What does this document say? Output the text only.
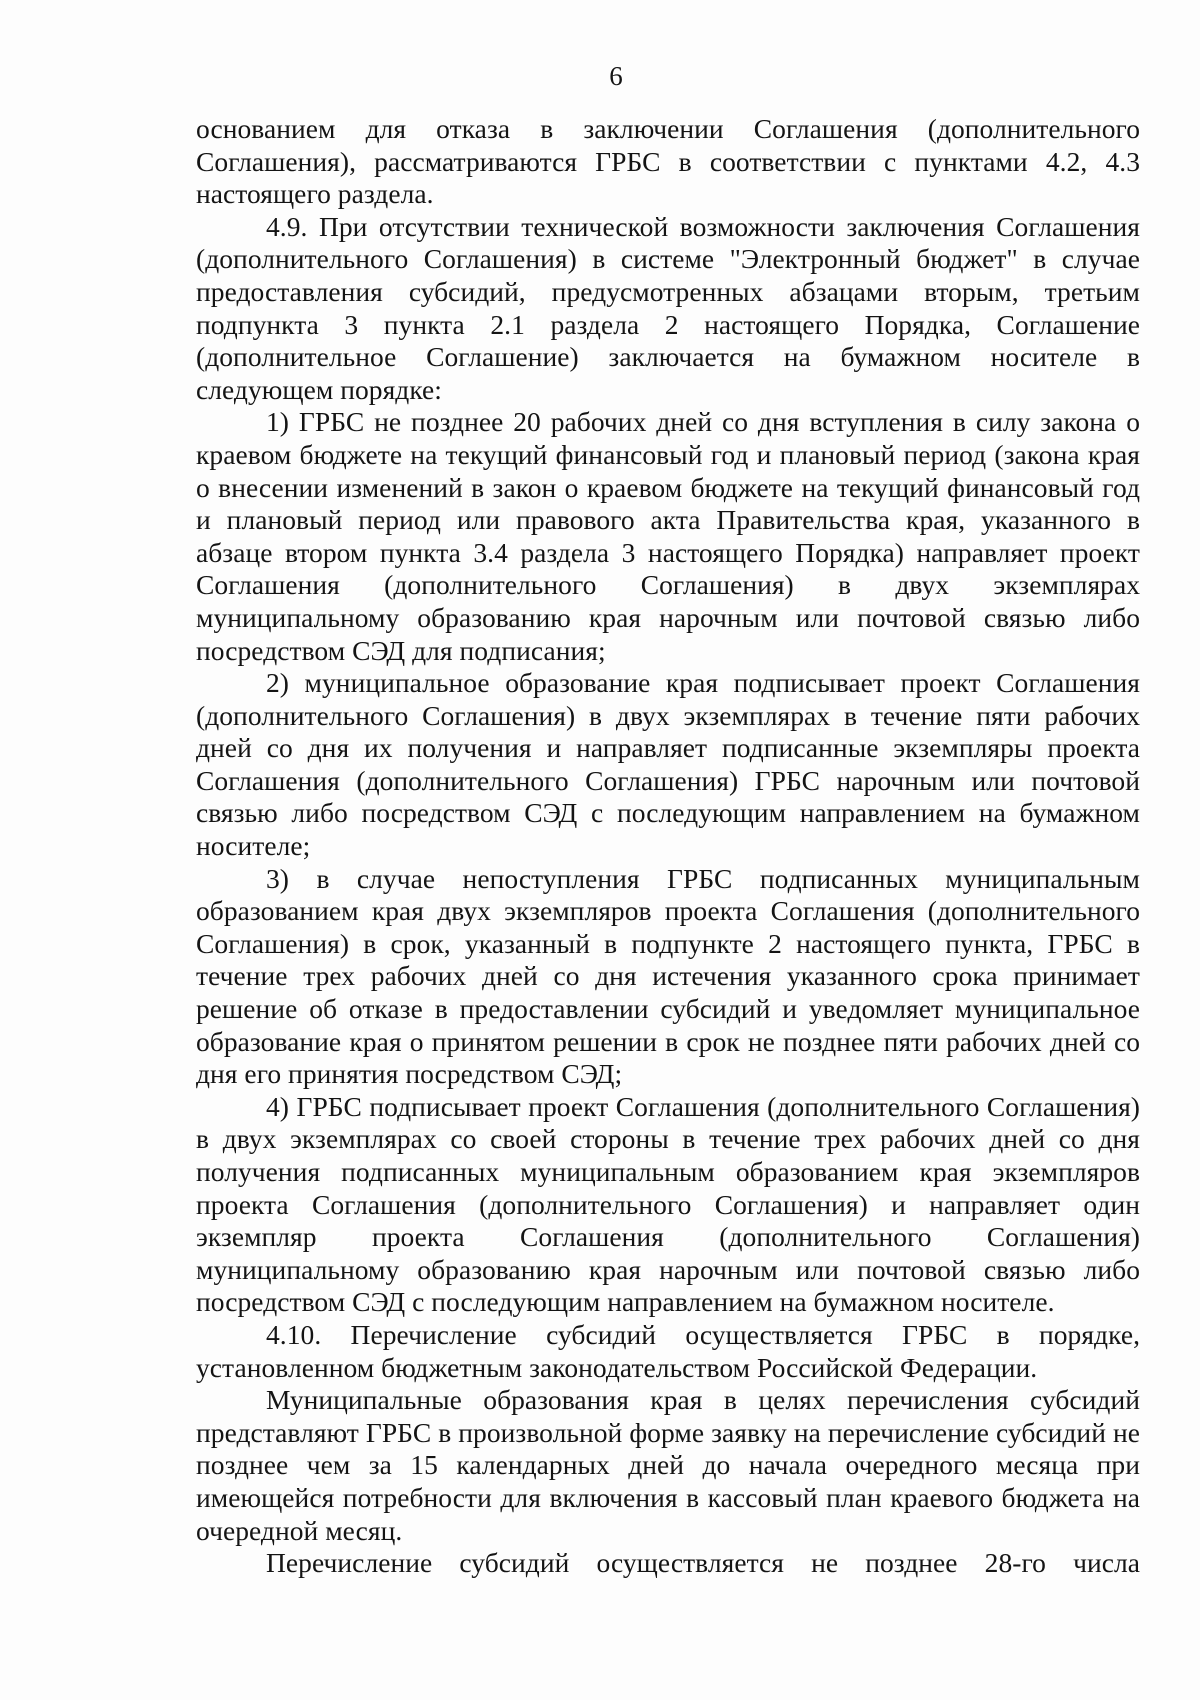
6

основанием для отказа в заключении Соглашения (дополнительного Соглашения), рассматриваются ГРБС в соответствии с пунктами 4.2, 4.3 настоящего раздела.

4.9. При отсутствии технической возможности заключения Соглашения (дополнительного Соглашения) в системе "Электронный бюджет" в случае предоставления субсидий, предусмотренных абзацами вторым, третьим подпункта 3 пункта 2.1 раздела 2 настоящего Порядка, Соглашение (дополнительное Соглашение) заключается на бумажном носителе в следующем порядке:

1) ГРБС не позднее 20 рабочих дней со дня вступления в силу закона о краевом бюджете на текущий финансовый год и плановый период (закона края о внесении изменений в закон о краевом бюджете на текущий финансовый год и плановый период или правового акта Правительства края, указанного в абзаце втором пункта 3.4 раздела 3 настоящего Порядка) направляет проект Соглашения (дополнительного Соглашения) в двух экземплярах муниципальному образованию края нарочным или почтовой связью либо посредством СЭД для подписания;

2) муниципальное образование края подписывает проект Соглашения (дополнительного Соглашения) в двух экземплярах в течение пяти рабочих дней со дня их получения и направляет подписанные экземпляры проекта Соглашения (дополнительного Соглашения) ГРБС нарочным или почтовой связью либо посредством СЭД с последующим направлением на бумажном носителе;

3) в случае непоступления ГРБС подписанных муниципальным образованием края двух экземпляров проекта Соглашения (дополнительного Соглашения) в срок, указанный в подпункте 2 настоящего пункта, ГРБС в течение трех рабочих дней со дня истечения указанного срока принимает решение об отказе в предоставлении субсидий и уведомляет муниципальное образование края о принятом решении в срок не позднее пяти рабочих дней со дня его принятия посредством СЭД;

4) ГРБС подписывает проект Соглашения (дополнительного Соглашения) в двух экземплярах со своей стороны в течение трех рабочих дней со дня получения подписанных муниципальным образованием края экземпляров проекта Соглашения (дополнительного Соглашения) и направляет один экземпляр проекта Соглашения (дополнительного Соглашения) муниципальному образованию края нарочным или почтовой связью либо посредством СЭД с последующим направлением на бумажном носителе.

4.10. Перечисление субсидий осуществляется ГРБС в порядке, установленном бюджетным законодательством Российской Федерации.

Муниципальные образования края в целях перечисления субсидий представляют ГРБС в произвольной форме заявку на перечисление субсидий не позднее чем за 15 календарных дней до начала очередного месяца при имеющейся потребности для включения в кассовый план краевого бюджета на очередной месяц.

Перечисление субсидий осуществляется не позднее 28-го числа
